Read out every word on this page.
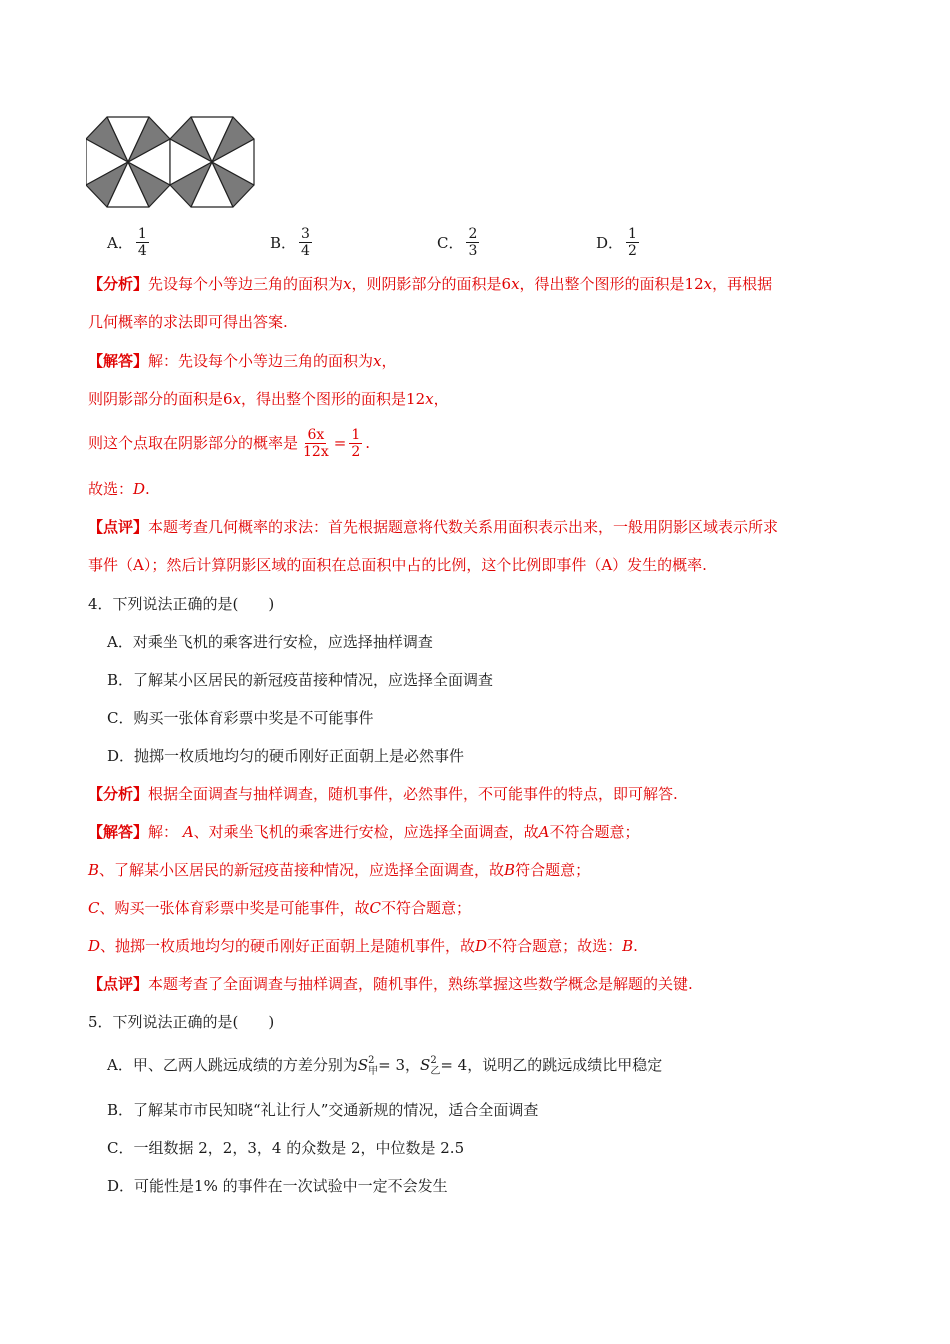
A． $\frac{1}{4}$	B． $\frac{3}{4}$	C． $\frac{2}{3}$	D． $\frac{1}{2}$
【分析】先设每个小等边三角的面积为x，则阴影部分的面积是6x，得出整个图形的面积是12x，再根据
几何概率的求法即可得出答案.
【解答】解：先设每个小等边三角的面积为x，
则阴影部分的面积是6x，得出整个图形的面积是12x，
则这个点取在阴影部分的概率是 $\frac{6x}{12x} = \frac{1}{2}$ .
故选：D.
【点评】本题考查几何概率的求法：首先根据题意将代数关系用面积表示出来，一般用阴影区域表示所求
事件（A）；然后计算阴影区域的面积在总面积中占的比例，这个比例即事件（A）发生的概率.
4．下列说法正确的是(　　)
A．对乘坐飞机的乘客进行安检，应选择抽样调查
B．了解某小区居民的新冠疫苗接种情况，应选择全面调查
C．购买一张体育彩票中奖是不可能事件
D．抛掷一枚质地均匀的硬币刚好正面朝上是必然事件
【分析】根据全面调查与抽样调查，随机事件，必然事件，不可能事件的特点，即可解答.
【解答】解： A、对乘坐飞机的乘客进行安检，应选择全面调查，故A不符合题意；
B、了解某小区居民的新冠疫苗接种情况，应选择全面调查，故B符合题意；
C、购买一张体育彩票中奖是可能事件，故C不符合题意；
D、抛掷一枚质地均匀的硬币刚好正面朝上是随机事件，故D不符合题意；故选：B.
【点评】本题考查了全面调查与抽样调查，随机事件，熟练掌握这些数学概念是解题的关键.
5．下列说法正确的是(　　)
A．甲、乙两人跳远成绩的方差分别为S 2
甲 = 3，S 2
乙 = 4，说明乙的跳远成绩比甲稳定
B．了解某市市民知晓“礼让行人”交通新规的情况，适合全面调查
C．一组数据 2，2，3，4 的众数是 2，中位数是 2.5
D．可能性是1% 的事件在一次试验中一定不会发生
